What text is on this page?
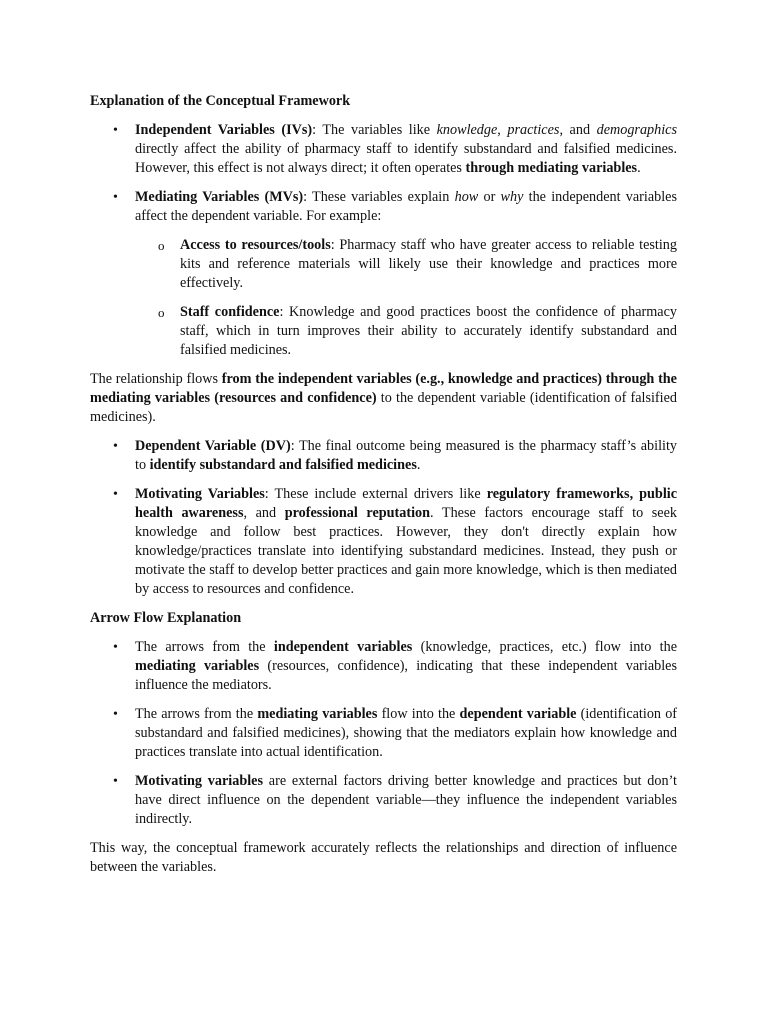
Explanation of the Conceptual Framework
• Independent Variables (IVs): The variables like knowledge, practices, and demographics directly affect the ability of pharmacy staff to identify substandard and falsified medicines. However, this effect is not always direct; it often operates through mediating variables.
• Mediating Variables (MVs): These variables explain how or why the independent variables affect the dependent variable. For example:
o Access to resources/tools: Pharmacy staff who have greater access to reliable testing kits and reference materials will likely use their knowledge and practices more effectively.
o Staff confidence: Knowledge and good practices boost the confidence of pharmacy staff, which in turn improves their ability to accurately identify substandard and falsified medicines.

The relationship flows from the independent variables (e.g., knowledge and practices) through the mediating variables (resources and confidence) to the dependent variable (identification of falsified medicines).

• Dependent Variable (DV): The final outcome being measured is the pharmacy staff’s ability to identify substandard and falsified medicines.
• Motivating Variables: These include external drivers like regulatory frameworks, public health awareness, and professional reputation. These factors encourage staff to seek knowledge and follow best practices. However, they don't directly explain how knowledge/practices translate into identifying substandard medicines. Instead, they push or motivate the staff to develop better practices and gain more knowledge, which is then mediated by access to resources and confidence.
Arrow Flow Explanation
• The arrows from the independent variables (knowledge, practices, etc.) flow into the mediating variables (resources, confidence), indicating that these independent variables influence the mediators.
• The arrows from the mediating variables flow into the dependent variable (identification of substandard and falsified medicines), showing that the mediators explain how knowledge and practices translate into actual identification.
• Motivating variables are external factors driving better knowledge and practices but don’t have direct influence on the dependent variable—they influence the independent variables indirectly.

This way, the conceptual framework accurately reflects the relationships and direction of influence between the variables.
